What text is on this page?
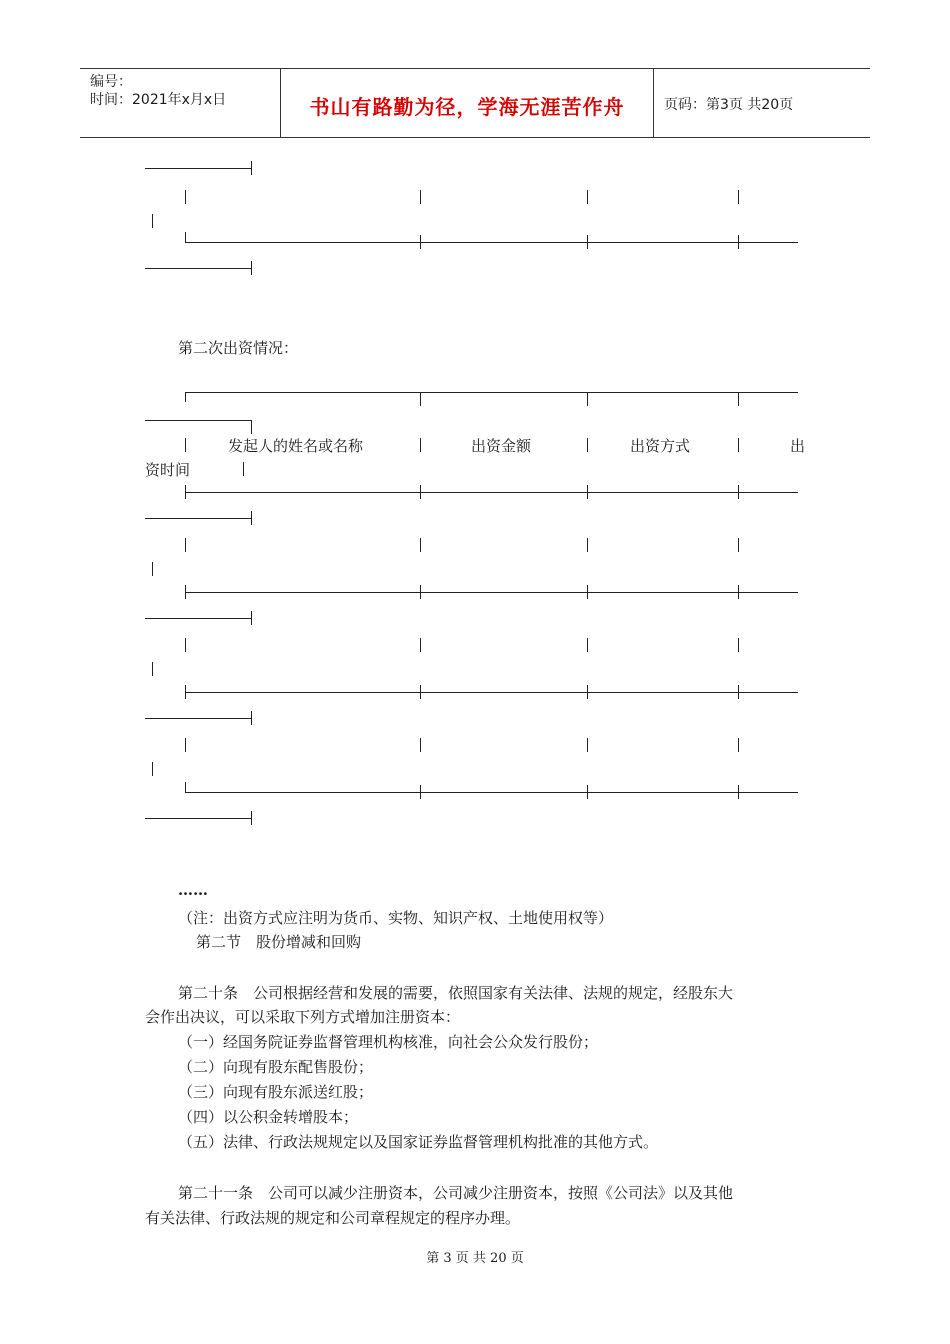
编号：
时间：2021年x月x日	书山有路勤为径，学海无涯苦作舟	页码：第3页 共20页
第二次出资情况：
发起人的姓名或名称	出资金额	出资方式	出
资时间
……
（注：出资方式应注明为货币、实物、知识产权、土地使用权等）
第二节　股份增减和回购
第二十条　公司根据经营和发展的需要，依照国家有关法律、法规的规定，经股东大
会作出决议，可以采取下列方式增加注册资本：
（一）经国务院证券监督管理机构核准，向社会公众发行股份；
（二）向现有股东配售股份；
（三）向现有股东派送红股；
（四）以公积金转增股本；
（五）法律、行政法规规定以及国家证券监督管理机构批准的其他方式。
第二十一条　公司可以减少注册资本，公司减少注册资本，按照《公司法》以及其他
有关法律、行政法规的规定和公司章程规定的程序办理。
第 3 页 共 20 页
